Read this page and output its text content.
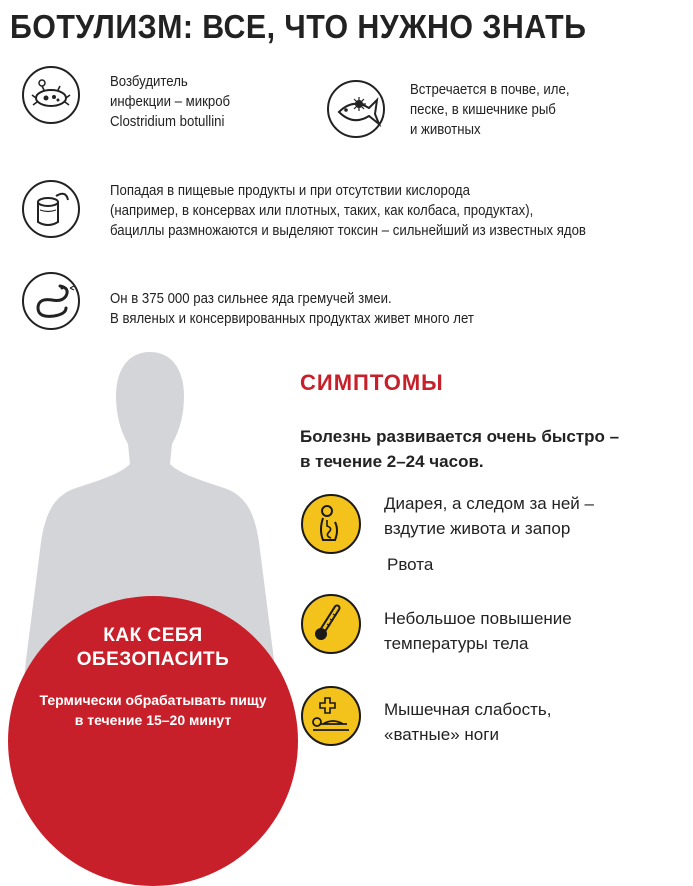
БОТУЛИЗМ: ВСЕ, ЧТО НУЖНО ЗНАТЬ
Возбудитель
инфекции – микроб
Clostridium botullini
Встречается в почве, иле,
песке, в кишечнике рыб
и животных
Попадая в пищевые продукты и при отсутствии кислорода
(например, в консервах или плотных, таких, как колбаса, продуктах),
бациллы размножаются и выделяют токсин – сильнейший из известных ядов
Он в 375 000 раз сильнее яда гремучей змеи.
В вяленых и консервированных продуктах живет много лет
СИМПТОМЫ
Болезнь развивается очень быстро –
в течение 2–24 часов.
Диарея, а следом за ней –
вздутие живота и запор
Рвота
Небольшое повышение
температуры тела
Мышечная слабость,
«ватные» ноги
КАК СЕБЯ
ОБЕЗОПАСИТЬ
Термически обрабатывать пищу
в течение 15–20 минут
